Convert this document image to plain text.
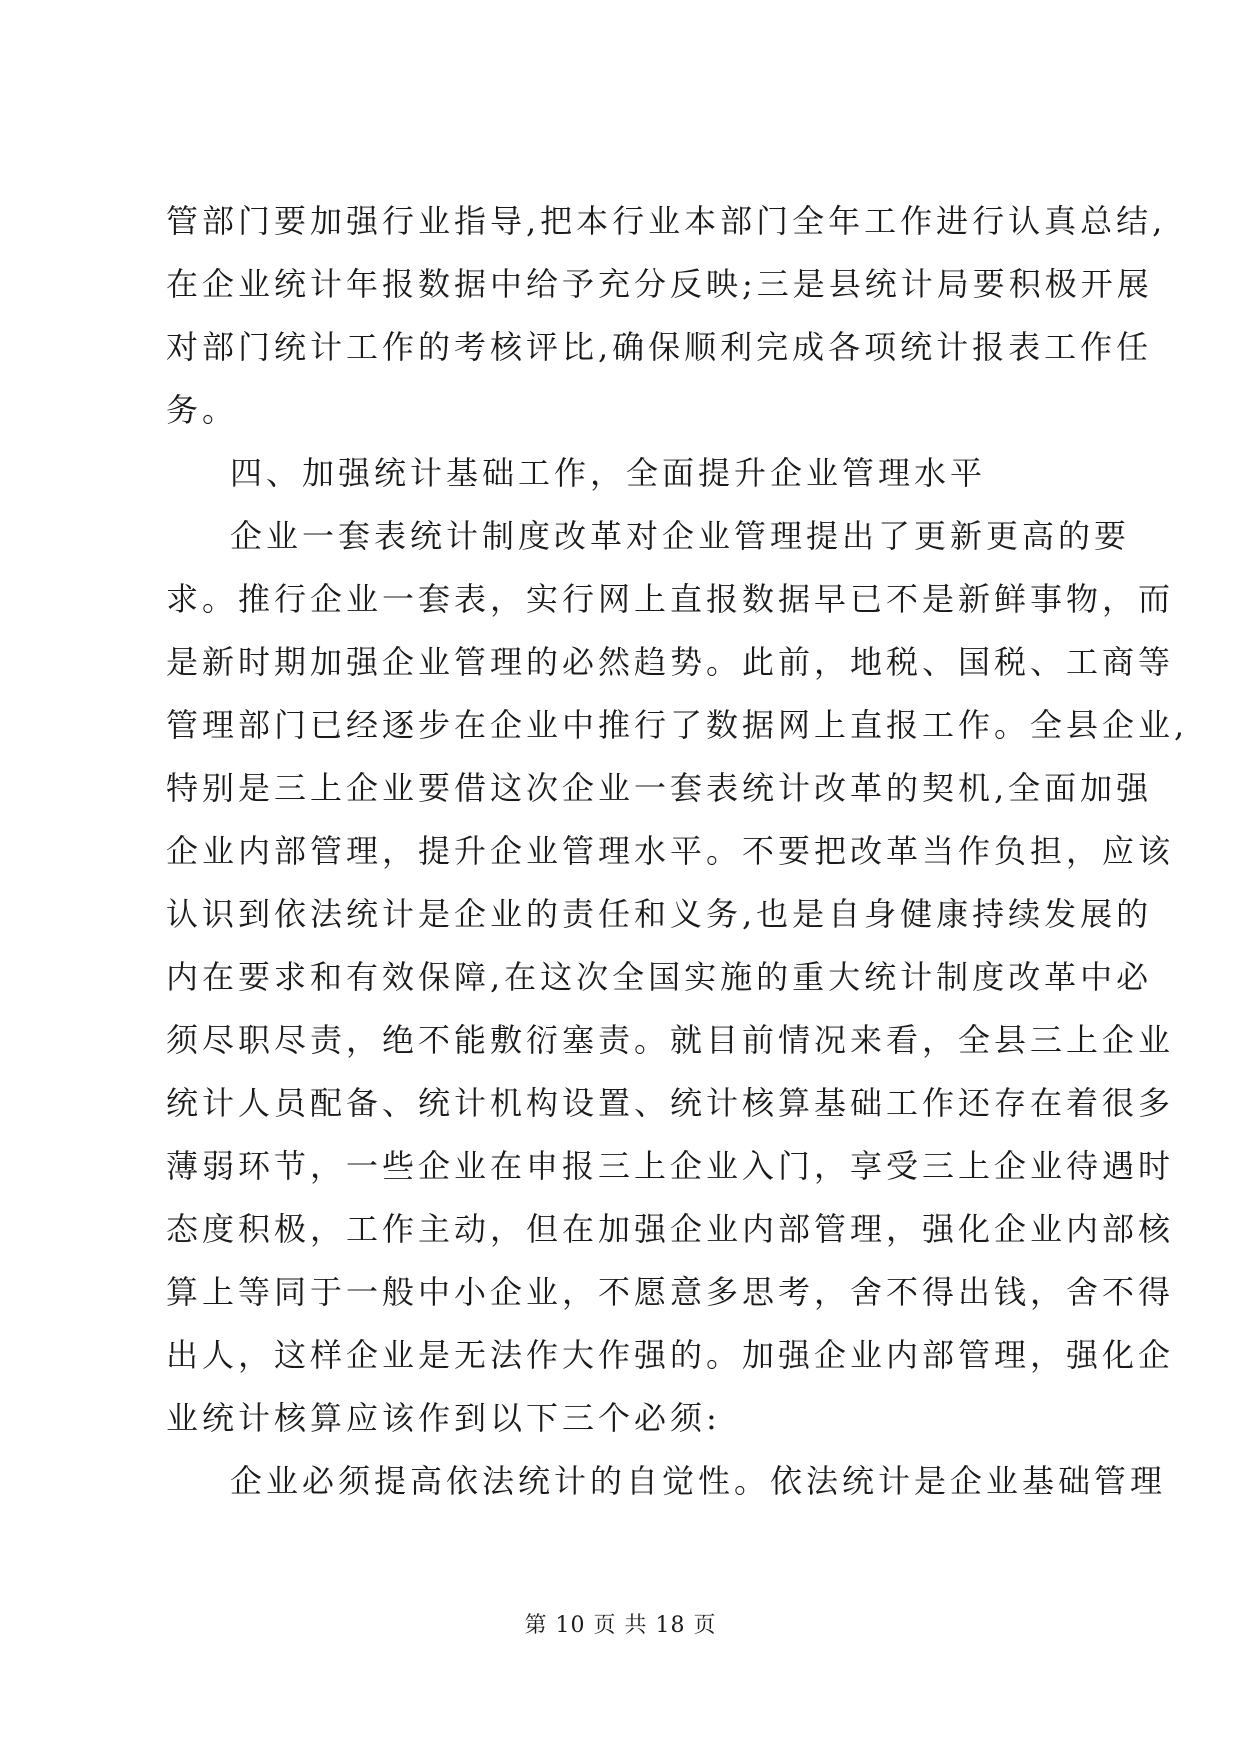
管部门要加强行业指导,把本行业本部门全年工作进行认真总结,
在企业统计年报数据中给予充分反映;三是县统计局要积极开展
对部门统计工作的考核评比,确保顺利完成各项统计报表工作任
务。
四、加强统计基础工作，全面提升企业管理水平
企业一套表统计制度改革对企业管理提出了更新更高的要
求。推行企业一套表，实行网上直报数据早已不是新鲜事物，而
是新时期加强企业管理的必然趋势。此前，地税、国税、工商等
管理部门已经逐步在企业中推行了数据网上直报工作。全县企业,
特别是三上企业要借这次企业一套表统计改革的契机,全面加强
企业内部管理，提升企业管理水平。不要把改革当作负担，应该
认识到依法统计是企业的责任和义务,也是自身健康持续发展的
内在要求和有效保障,在这次全国实施的重大统计制度改革中必
须尽职尽责，绝不能敷衍塞责。就目前情况来看，全县三上企业
统计人员配备、统计机构设置、统计核算基础工作还存在着很多
薄弱环节，一些企业在申报三上企业入门，享受三上企业待遇时
态度积极，工作主动，但在加强企业内部管理，强化企业内部核
算上等同于一般中小企业，不愿意多思考，舍不得出钱，舍不得
出人，这样企业是无法作大作强的。加强企业内部管理，强化企
业统计核算应该作到以下三个必须:
企业必须提高依法统计的自觉性。依法统计是企业基础管理
第 10 页 共 18 页
